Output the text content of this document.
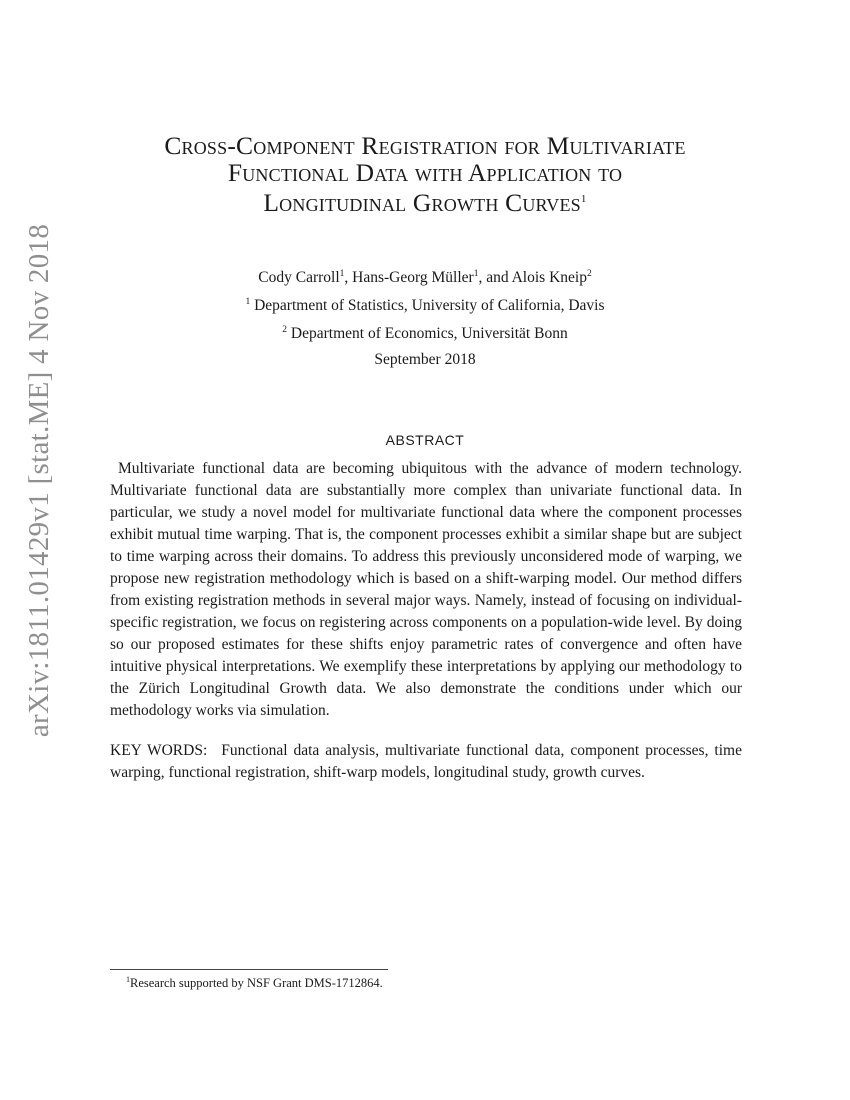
arXiv:1811.01429v1 [stat.ME] 4 Nov 2018
Cross-Component Registration for Multivariate
Functional Data with Application to
Longitudinal Growth Curves$^1$
Cody Carroll$^1$, Hans-Georg Müller$^1$, and Alois Kneip$^2$
$^1$ Department of Statistics, University of California, Davis
$^2$ Department of Economics, Universität Bonn
September 2018
ABSTRACT

Multivariate functional data are becoming ubiquitous with the advance of modern technology. Multivariate functional data are substantially more complex than univariate functional data. In particular, we study a novel model for multivariate functional data where the component processes exhibit mutual time warping. That is, the component processes exhibit a similar shape but are subject to time warping across their domains. To address this previously unconsidered mode of warping, we propose new registration methodology which is based on a shift-warping model. Our method differs from existing registration methods in several major ways. Namely, instead of focusing on individual-specific registration, we focus on registering across components on a population-wide level. By doing so our proposed estimates for these shifts enjoy parametric rates of convergence and often have intuitive physical interpretations. We exemplify these interpretations by applying our methodology to the Zürich Longitudinal Growth data. We also demonstrate the conditions under which our methodology works via simulation.

KEY WORDS: Functional data analysis, multivariate functional data, component processes, time warping, functional registration, shift-warp models, longitudinal study, growth curves.

$^1$Research supported by NSF Grant DMS-1712864.
